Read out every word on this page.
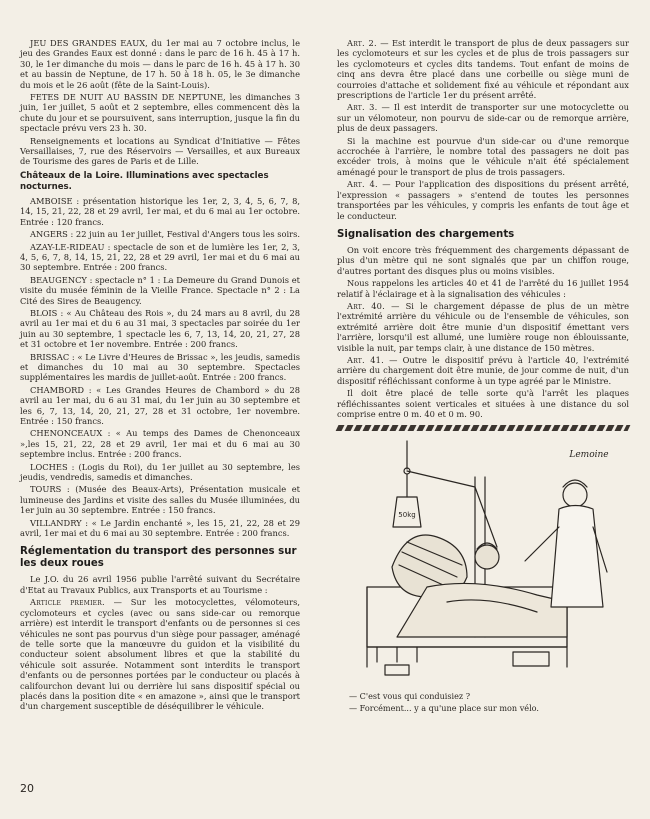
JEU DES GRANDES EAUX, du 1er mai au 7 octobre inclus, le jeu des Grandes Eaux est donné : dans le parc de 16 h. 45 à 17 h. 30, le 1er dimanche du mois — dans le parc de 16 h. 45 à 17 h. 30 et au bassin de Neptune, de 17 h. 50 à 18 h. 05, le 3e dimanche du mois et le 26 août (fête de la Saint-Louis).

FETES DE NUIT AU BASSIN DE NEPTUNE, les dimanches 3 juin, 1er juillet, 5 août et 2 septembre, elles commencent dès la chute du jour et se poursuivent, sans interruption, jusque la fin du spectacle prévu vers 23 h. 30.

Renseignements et locations au Syndicat d'Initiative — Fêtes Versaillaises, 7, rue des Réservoirs — Versailles, et aux Bureaux de Tourisme des gares de Paris et de Lille.

Châteaux de la Loire. Illuminations avec spectacles nocturnes.

AMBOISE : présentation historique les 1er, 2, 3, 4, 5, 6, 7, 8, 14, 15, 21, 22, 28 et 29 avril, 1er mai, et du 6 mai au 1er octobre. Entrée : 120 francs.

ANGERS : 22 juin au 1er juillet, Festival d'Angers tous les soirs.

AZAY-LE-RIDEAU : spectacle de son et de lumière les 1er, 2, 3, 4, 5, 6, 7, 8, 14, 15, 21, 22, 28 et 29 avril, 1er mai et du 6 mai au 30 septembre. Entrée : 200 francs.

BEAUGENCY : spectacle n° 1 : La Demeure du Grand Dunois et visite du musée féminin de la Vieille France. Spectacle n° 2 : La Cité des Sires de Beaugency.

BLOIS : « Au Château des Rois », du 24 mars au 8 avril, du 28 avril au 1er mai et du 6 au 31 mai, 3 spectacles par soirée du 1er juin au 30 septembre, 1 spectacle les 6, 7, 13, 14, 20, 21, 27, 28 et 31 octobre et 1er novembre. Entrée : 200 francs.

BRISSAC : « Le Livre d'Heures de Brissac », les jeudis, samedis et dimanches du 10 mai au 30 septembre. Spectacles supplémentaires les mardis de juillet-août. Entrée : 200 francs.

CHAMBORD : « Les Grandes Heures de Chambord » du 28 avril au 1er mai, du 6 au 31 mai, du 1er juin au 30 septembre et les 6, 7, 13, 14, 20, 21, 27, 28 et 31 octobre, 1er novembre. Entrée : 150 francs.

CHENONCEAUX : « Au temps des Dames de Chenonceaux »,les 15, 21, 22, 28 et 29 avril, 1er mai et du 6 mai au 30 septembre inclus. Entrée : 200 francs.

LOCHES : (Logis du Roi), du 1er juillet au 30 septembre, les jeudis, vendredis, samedis et dimanches.

TOURS : (Musée des Beaux-Arts), Présentation musicale et lumineuse des Jardins et visite des salles du Musée illuminées, du 1er juin au 30 septembre. Entrée : 150 francs.

VILLANDRY : « Le Jardin enchanté », les 15, 21, 22, 28 et 29 avril, 1er mai et du 6 mai au 30 septembre. Entrée : 200 francs.

Réglementation du transport des personnes sur les deux roues

Le J.O. du 26 avril 1956 publie l'arrêté suivant du Secrétaire d'Etat au Travaux Publics, aux Transports et au Tourisme :

Article premier. — Sur les motocyclettes, vélomoteurs, cyclomoteurs et cycles (avec ou sans side-car ou remorque arrière) est interdit le transport d'enfants ou de personnes si ces véhicules ne sont pas pourvus d'un siège pour passager, aménagé de telle sorte que la manœuvre du guidon et la visibilité du conducteur soient absolument libres et que la stabilité du véhicule soit assurée. Notamment sont interdits le transport d'enfants ou de personnes portées par le conducteur ou placés à califourchon devant lui ou derrière lui sans dispositif spécial ou placés dans la position dite « en amazone », ainsi que le transport d'un chargement susceptible de déséquilibrer le véhicule.

Art. 2. — Est interdit le transport de plus de deux passagers sur les cyclomoteurs et sur les cycles et de plus de trois passagers sur les cyclomoteurs et cycles dits tandems. Tout enfant de moins de cinq ans devra être placé dans une corbeille ou siège muni de courroies d'attache et solidement fixé au véhicule et répondant aux prescriptions de l'article 1er du présent arrêté.

Art. 3. — Il est interdit de transporter sur une motocyclette ou sur un vélomoteur, non pourvu de side-car ou de remorque arrière, plus de deux passagers.

Si la machine est pourvue d'un side-car ou d'une remorque accrochée à l'arrière, le nombre total des passagers ne doit pas excéder trois, à moins que le véhicule n'ait été spécialement aménagé pour le transport de plus de trois passagers.

Art. 4. — Pour l'application des dispositions du présent arrêté, l'expression « passagers » s'entend de toutes les personnes transportées par les véhicules, y compris les enfants de tout âge et le conducteur.

Signalisation des chargements

On voit encore très fréquemment des chargements dépassant de plus d'un mètre qui ne sont signalés que par un chiffon rouge, d'autres portant des disques plus ou moins visibles.

Nous rappelons les articles 40 et 41 de l'arrêté du 16 juillet 1954 relatif à l'éclairage et à la signalisation des véhicules :

Art. 40. — Si le chargement dépasse de plus de un mètre l'extrémité arrière du véhicule ou de l'ensemble de véhicules, son extrémité arrière doit être munie d'un dispositif émettant vers l'arrière, lorsqu'il est allumé, une lumière rouge non éblouissante, visible la nuit, par temps clair, à une distance de 150 mètres.

Art. 41. — Outre le dispositif prévu à l'article 40, l'extrémité arrière du chargement doit être munie, de jour comme de nuit, d'un dispositif réfléchissant conforme à un type agréé par le Ministre.

Il doit être placé de telle sorte qu'à l'arrêt les plaques réfléchissantes soient verticales et situées à une distance du sol comprise entre 0 m. 40 et 0 m. 90.

50kg
Lemoine

— C'est vous qui conduisiez ?

— Forcément... y a qu'une place sur mon vélo.

20
